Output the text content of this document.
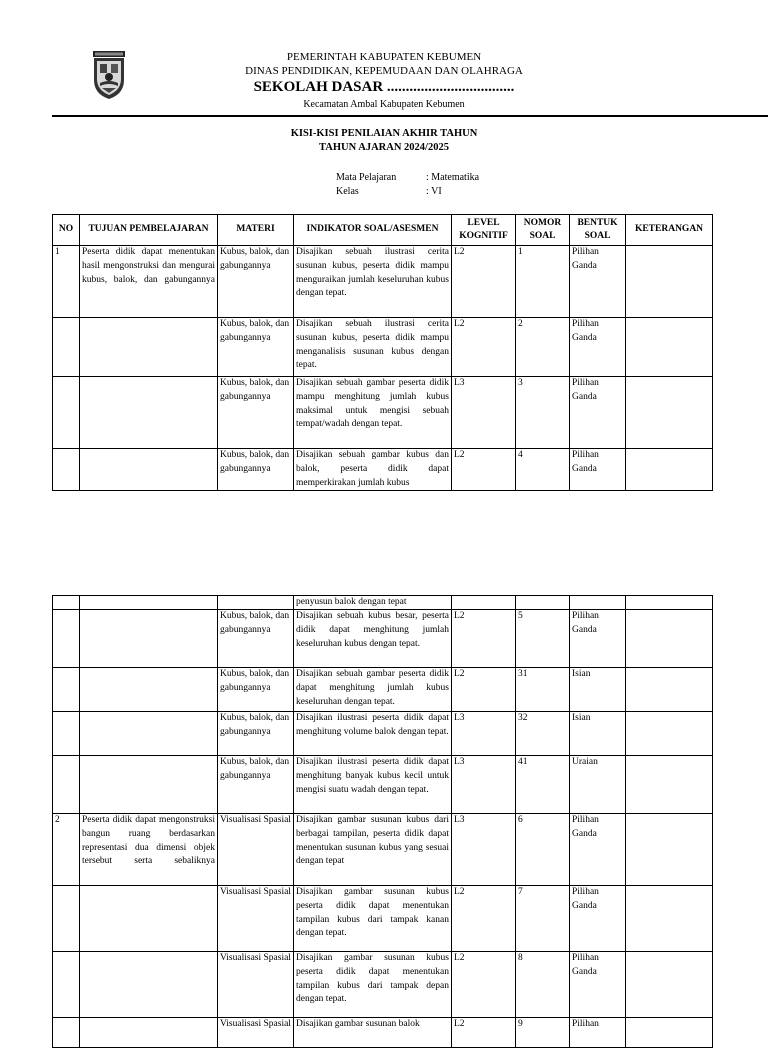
PEMERINTAH KABUPATEN KEBUMEN
DINAS PENDIDIKAN, KEPEMUDAAN DAN OLAHRAGA
SEKOLAH DASAR ..................................
Kecamatan Ambal Kabupaten Kebumen
KISI-KISI PENILAIAN AKHIR TAHUN
TAHUN AJARAN 2024/2025
Mata Pelajaran	: Matematika
Kelas	: VI
NO	TUJUAN PEMBELAJARAN	MATERI	INDIKATOR SOAL/ASESMEN	LEVEL KOGNITIF	NOMOR SOAL	BENTUK SOAL	KETERANGAN

1	Peserta didik dapat menentukan hasil mengonstruksi dan mengurai kubus, balok, dan gabungannya	Kubus, balok, dan gabungannya	Disajikan sebuah ilustrasi cerita susunan kubus, peserta didik mampu menguraikan jumlah keseluruhan kubus dengan tepat.	L2	1	Pilihan Ganda	

		Kubus, balok, dan gabungannya	Disajikan sebuah ilustrasi cerita susunan kubus, peserta didik mampu menganalisis susunan kubus dengan tepat.	L2	2	Pilihan Ganda	

		Kubus, balok, dan gabungannya	Disajikan sebuah gambar peserta didik mampu menghitung jumlah kubus maksimal untuk mengisi sebuah tempat/wadah dengan tepat.	L3	3	Pilihan Ganda	

		Kubus, balok, dan gabungannya	Disajikan sebuah gambar kubus dan balok, peserta didik dapat memperkirakan jumlah kubus	L2	4	Pilihan Ganda	

			penyusun balok dengan tepat				

		Kubus, balok, dan gabungannya	Disajikan sebuah kubus besar, peserta didik dapat menghitung jumlah keseluruhan kubus dengan tepat.	L2	5	Pilihan Ganda	

		Kubus, balok, dan gabungannya	Disajikan sebuah gambar peserta didik dapat menghitung jumlah kubus keseluruhan dengan tepat.	L2	31	Isian	

		Kubus, balok, dan gabungannya	Disajikan ilustrasi peserta didik dapat menghitung volume balok dengan tepat.	L3	32	Isian	

		Kubus, balok, dan gabungannya	Disajikan ilustrasi peserta didik dapat menghitung banyak kubus kecil untuk mengisi suatu wadah dengan tepat.	L3	41	Uraian	

2	Peserta didik dapat mengonstruksi bangun ruang berdasarkan representasi dua dimensi objek tersebut serta sebaliknya	Visualisasi Spasial	Disajikan gambar susunan kubus dari berbagai tampilan, peserta didik dapat menentukan susunan kubus yang sesuai dengan tepat	L3	6	Pilihan Ganda	

		Visualisasi Spasial	Disajikan gambar susunan kubus peserta didik dapat menentukan tampilan kubus dari tampak kanan dengan tepat.	L2	7	Pilihan Ganda	

		Visualisasi Spasial	Disajikan gambar susunan kubus peserta didik dapat menentukan tampilan kubus dari tampak depan dengan tepat.	L2	8	Pilihan Ganda	

		Visualisasi Spasial	Disajikan gambar susunan balok	L2	9	Pilihan	
